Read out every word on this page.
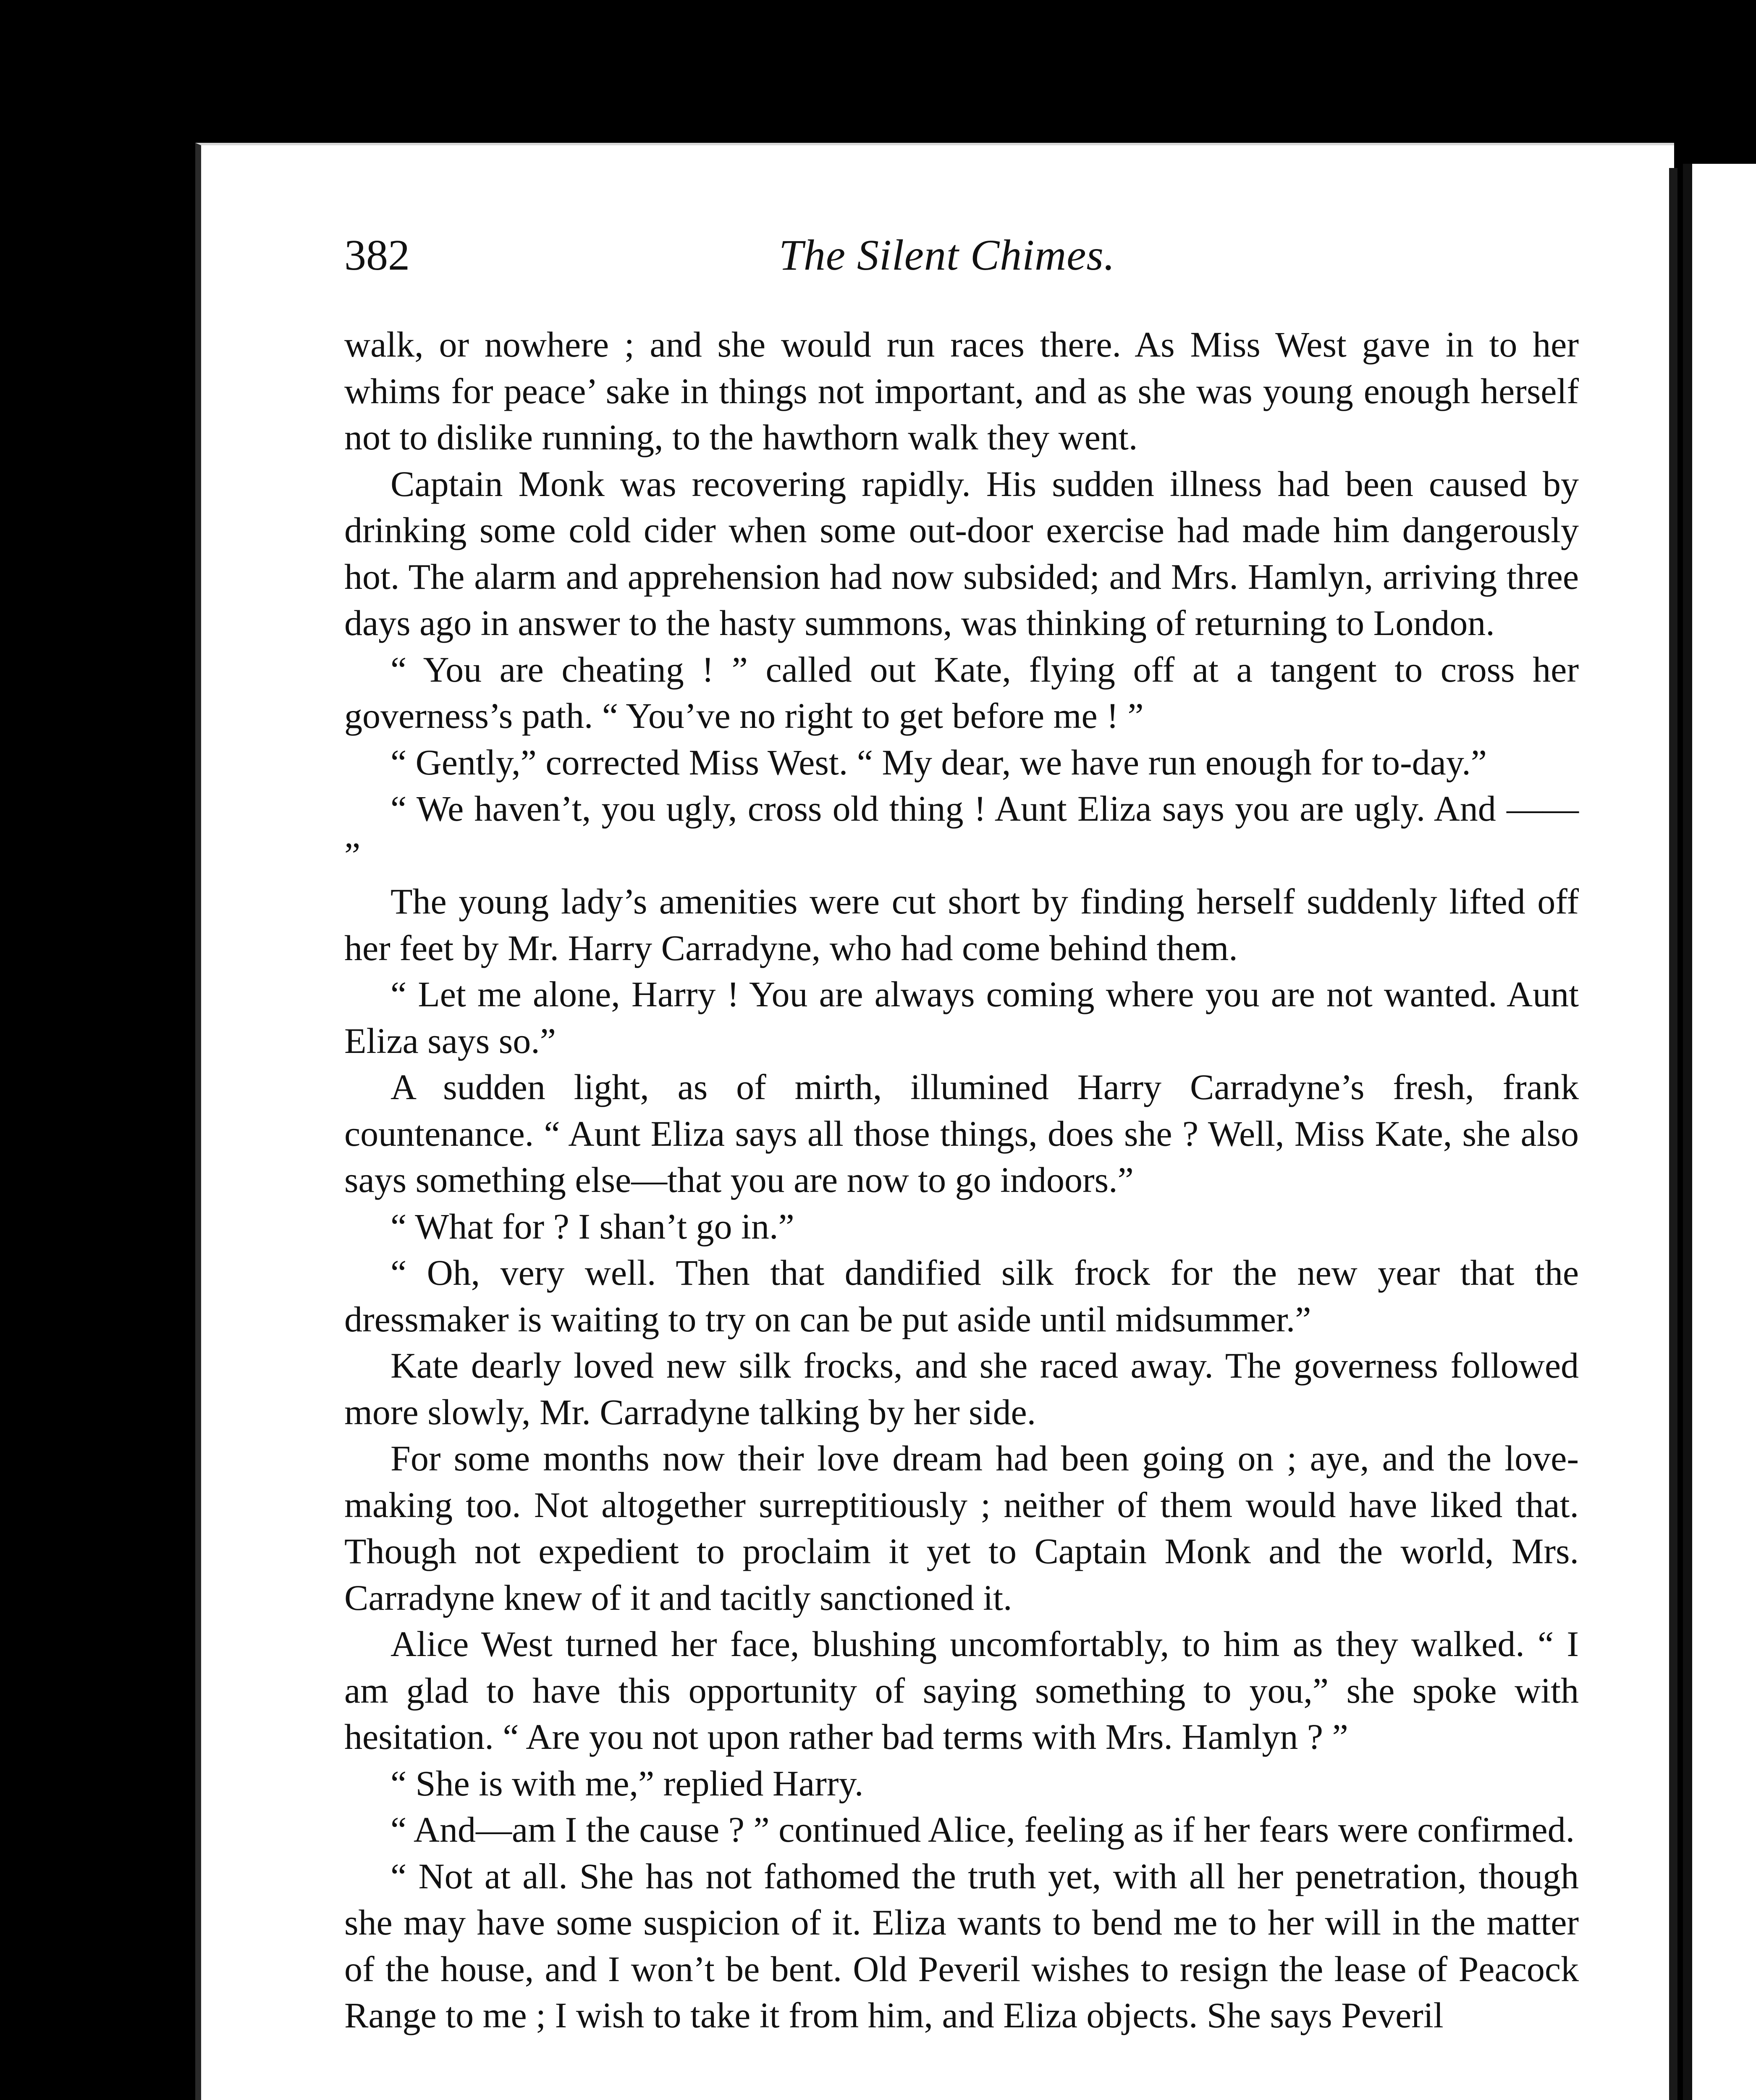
382	The Silent Chimes.

walk, or nowhere ; and she would run races there. As Miss West gave in to her whims for peace’ sake in things not important, and as she was young enough herself not to dislike running, to the hawthorn walk they went.

Captain Monk was recovering rapidly. His sudden illness had been caused by drinking some cold cider when some out-door exercise had made him dangerously hot. The alarm and apprehension had now subsided; and Mrs. Hamlyn, arriving three days ago in answer to the hasty summons, was thinking of returning to London.

“ You are cheating ! ” called out Kate, flying off at a tangent to cross her governess’s path. “ You’ve no right to get before me ! ”

“ Gently,” corrected Miss West. “ My dear, we have run enough for to-day.”

“ We haven’t, you ugly, cross old thing ! Aunt Eliza says you are ugly. And —— ”

The young lady’s amenities were cut short by finding herself suddenly lifted off her feet by Mr. Harry Carradyne, who had come behind them.

“ Let me alone, Harry ! You are always coming where you are not wanted. Aunt Eliza says so.”

A sudden light, as of mirth, illumined Harry Carradyne’s fresh, frank countenance. “ Aunt Eliza says all those things, does she ? Well, Miss Kate, she also says something else—that you are now to go indoors.”

“ What for ? I shan’t go in.”

“ Oh, very well. Then that dandified silk frock for the new year that the dressmaker is waiting to try on can be put aside until midsummer.”

Kate dearly loved new silk frocks, and she raced away. The governess followed more slowly, Mr. Carradyne talking by her side.

For some months now their love dream had been going on ; aye, and the love-making too. Not altogether surreptitiously ; neither of them would have liked that. Though not expedient to proclaim it yet to Captain Monk and the world, Mrs. Carradyne knew of it and tacitly sanctioned it.

Alice West turned her face, blushing uncomfortably, to him as they walked. “ I am glad to have this opportunity of saying something to you,” she spoke with hesitation. “ Are you not upon rather bad terms with Mrs. Hamlyn ? ”

“ She is with me,” replied Harry.

“ And—am I the cause ? ” continued Alice, feeling as if her fears were confirmed.

“ Not at all. She has not fathomed the truth yet, with all her penetration, though she may have some suspicion of it. Eliza wants to bend me to her will in the matter of the house, and I won’t be bent. Old Peveril wishes to resign the lease of Peacock Range to me ; I wish to take it from him, and Eliza objects. She says Peveril
